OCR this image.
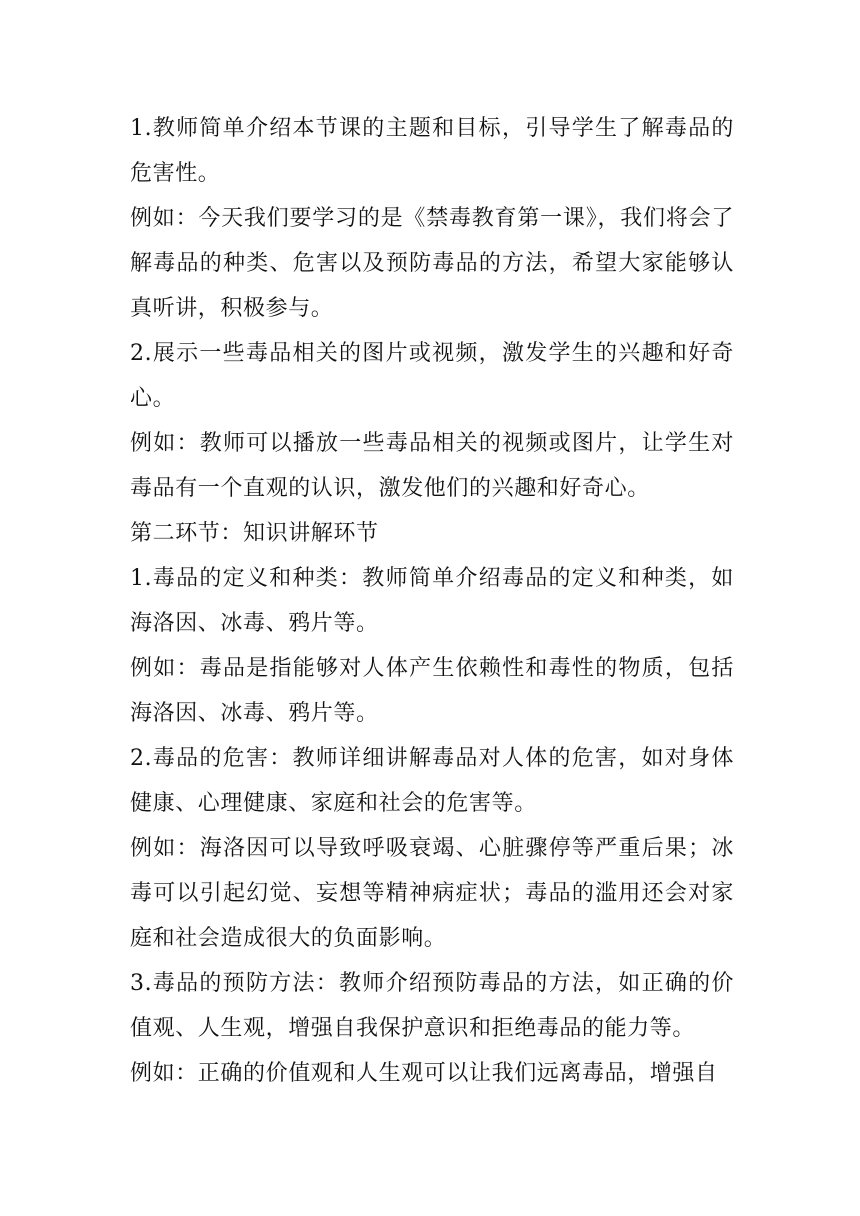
1.教师简单介绍本节课的主题和目标，引导学生了解毒品的危害性。

例如：今天我们要学习的是《禁毒教育第一课》，我们将会了解毒品的种类、危害以及预防毒品的方法，希望大家能够认真听讲，积极参与。

2.展示一些毒品相关的图片或视频，激发学生的兴趣和好奇心。

例如：教师可以播放一些毒品相关的视频或图片，让学生对毒品有一个直观的认识，激发他们的兴趣和好奇心。

第二环节：知识讲解环节

1.毒品的定义和种类：教师简单介绍毒品的定义和种类，如海洛因、冰毒、鸦片等。

例如：毒品是指能够对人体产生依赖性和毒性的物质，包括海洛因、冰毒、鸦片等。

2.毒品的危害：教师详细讲解毒品对人体的危害，如对身体健康、心理健康、家庭和社会的危害等。

例如：海洛因可以导致呼吸衰竭、心脏骤停等严重后果；冰毒可以引起幻觉、妄想等精神病症状；毒品的滥用还会对家庭和社会造成很大的负面影响。

3.毒品的预防方法：教师介绍预防毒品的方法，如正确的价值观、人生观，增强自我保护意识和拒绝毒品的能力等。

例如：正确的价值观和人生观可以让我们远离毒品，增强自
